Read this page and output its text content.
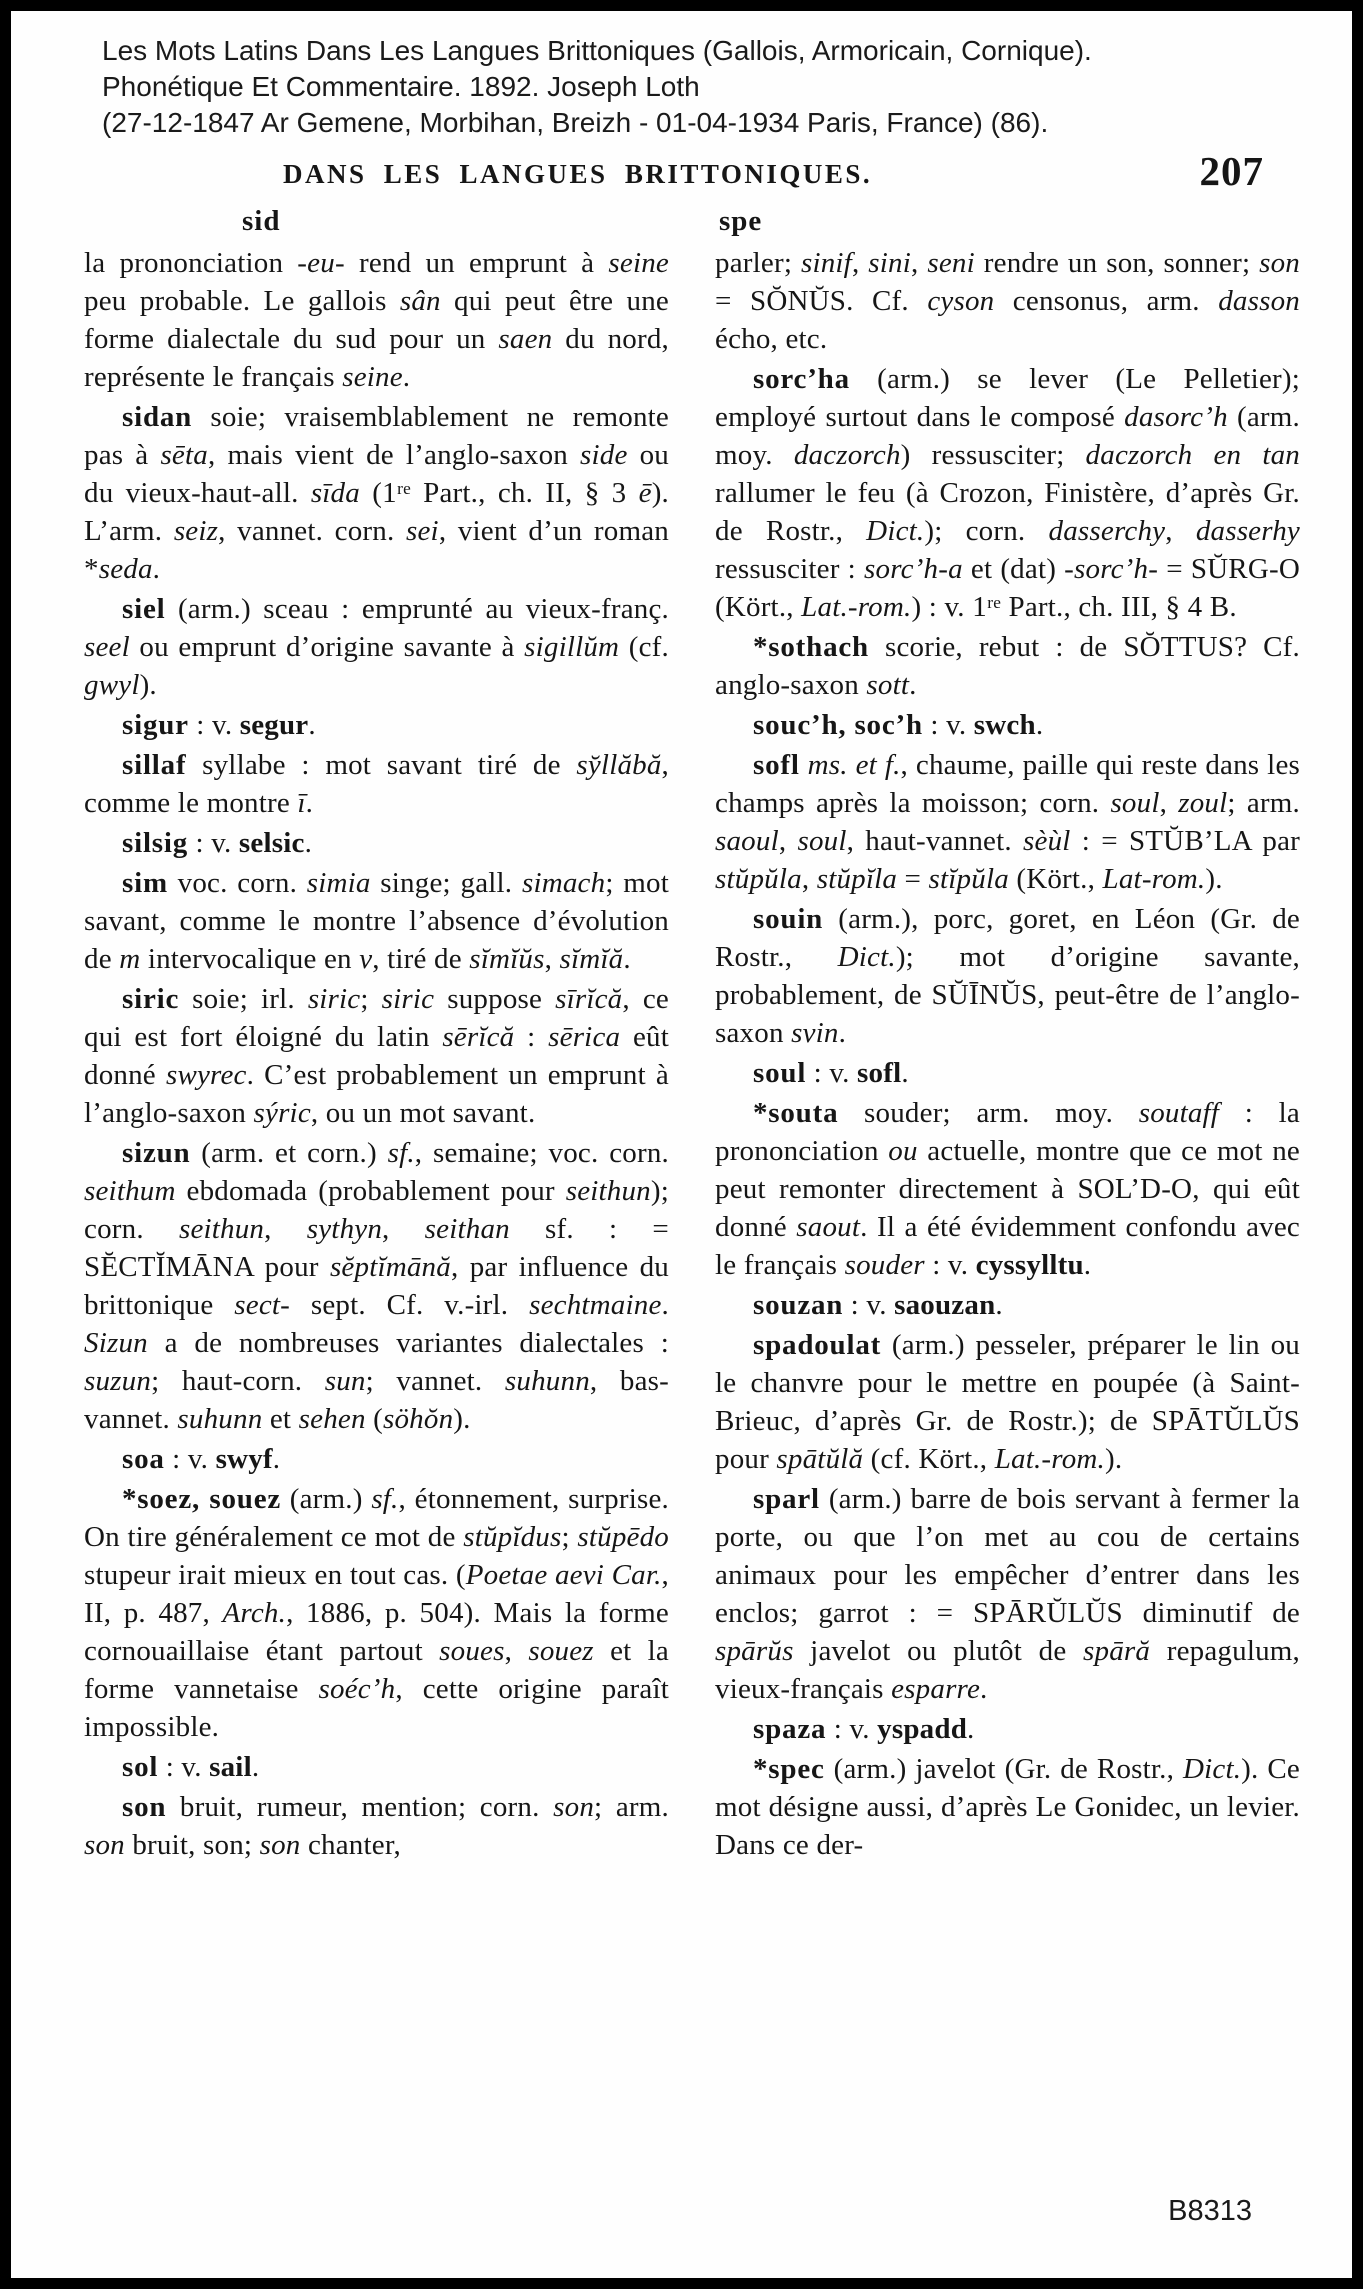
Les Mots Latins Dans Les Langues Brittoniques (Gallois, Armoricain, Cornique).
Phonétique Et Commentaire. 1892. Joseph Loth
(27-12-1847 Ar Gemene, Morbihan, Breizh - 01-04-1934 Paris, France) (86).
DANS LES LANGUES BRITTONIQUES.	207
sid

la prononciation -eu- rend un emprunt à seine peu probable. Le gallois sân qui peut être une forme dialectale du sud pour un saen du nord, représente le français seine.

sidan soie; vraisemblablement ne remonte pas à sēta, mais vient de l’anglo-saxon side ou du vieux-haut-all. sīda (1ʳᵉ Part., ch. II, § 3 ē). L’arm. seiz, vannet. corn. sei, vient d’un roman *seda.

siel (arm.) sceau : emprunté au vieux-franç. seel ou emprunt d’origine savante à sigillŭm (cf. gwyl).

sigur : v. segur.

sillaf syllabe : mot savant tiré de sy̆llăbă, comme le montre ī.

silsig : v. selsic.

sim voc. corn. simia singe; gall. simach; mot savant, comme le montre l’absence d’évolution de m intervocalique en v, tiré de sĭmĭŭs, sĭmĭă.

siric soie; irl. siric; siric suppose sīrĭcă, ce qui est fort éloigné du latin sērĭcă : sērica eût donné swyrec. C’est probablement un emprunt à l’anglo-saxon sýric, ou un mot savant.

sizun (arm. et corn.) sf., semaine; voc. corn. seithum ebdomada (probablement pour seithun); corn. seithun, sythyn, seithan sf. : = SĔCTĬMĀNA pour sĕptĭmānă, par influence du brittonique sect- sept. Cf. v.-irl. sechtmaine. Sizun a de nombreuses variantes dialectales : suzun; haut-corn. sun; vannet. suhunn, bas-vannet. suhunn et sehen (söhŏn).

soa : v. swyf.

*soez, souez (arm.) sf., étonnement, surprise. On tire généralement ce mot de stŭpĭdus; stŭpēdo stupeur irait mieux en tout cas. (Poetae aevi Car., II, p. 487, Arch., 1886, p. 504). Mais la forme cornouaillaise étant partout soues, souez et la forme vannetaise soéc’h, cette origine paraît impossible.

sol : v. sail.

son bruit, rumeur, mention; corn. son; arm. son bruit, son; son chanter,

spe

parler; sinif, sini, seni rendre un son, sonner; son = SŎNŬS. Cf. cyson censonus, arm. dasson écho, etc.

sorc’ha (arm.) se lever (Le Pelletier); employé surtout dans le composé dasorc’h (arm. moy. daczorch) ressusciter; daczorch en tan rallumer le feu (à Crozon, Finistère, d’après Gr. de Rostr., Dict.); corn. dasserchy, dasserhy ressusciter : sorc’h-a et (dat) -sorc’h- = SŬRG-O (Kört., Lat.-rom.) : v. 1ʳᵉ Part., ch. III, § 4 B.

*sothach scorie, rebut : de SŎTTUS? Cf. anglo-saxon sott.

souc’h, soc’h : v. swch.

sofl ms. et f., chaume, paille qui reste dans les champs après la moisson; corn. soul, zoul; arm. saoul, soul, haut-vannet. sèùl : = STŬB’LA par stŭpŭla, stŭpĭla = stĭpŭla (Kört., Lat-rom.).

souin (arm.), porc, goret, en Léon (Gr. de Rostr., Dict.); mot d’origine savante, probablement, de SŬĪNŬS, peut-être de l’anglo-saxon svin.

soul : v. sofl.

*souta souder; arm. moy. soutaff : la prononciation ou actuelle, montre que ce mot ne peut remonter directement à SOL’D-O, qui eût donné saout. Il a été évidemment confondu avec le français souder : v. cyssylltu.

souzan : v. saouzan.

spadoulat (arm.) pesseler, préparer le lin ou le chanvre pour le mettre en poupée (à Saint-Brieuc, d’après Gr. de Rostr.); de SPĀTŬLŬS pour spātŭlă (cf. Kört., Lat.-rom.).

sparl (arm.) barre de bois servant à fermer la porte, ou que l’on met au cou de certains animaux pour les empêcher d’entrer dans les enclos; garrot : = SPĀRŬLŬS diminutif de spārŭs javelot ou plutôt de spāră repagulum, vieux-français esparre.

spaza : v. yspadd.

*spec (arm.) javelot (Gr. de Rostr., Dict.). Ce mot désigne aussi, d’après Le Gonidec, un levier. Dans ce der-

B8313
